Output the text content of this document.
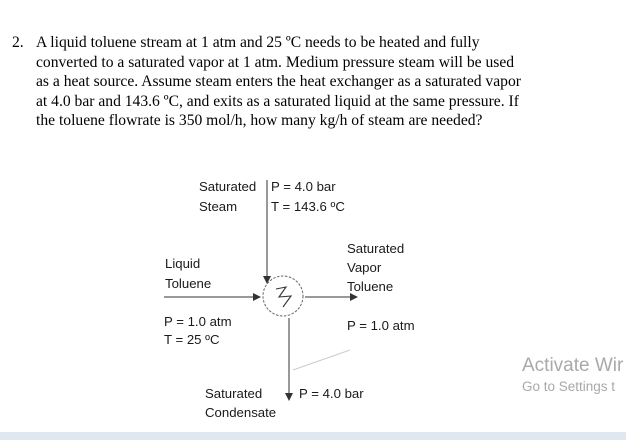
2. A liquid toluene stream at 1 atm and 25 ºC needs to be heated and fully
converted to a saturated vapor at 1 atm. Medium pressure steam will be used
as a heat source. Assume steam enters the heat exchanger as a saturated vapor
at 4.0 bar and 143.6 ºC, and exits as a saturated liquid at the same pressure. If
the toluene flowrate is 350 mol/h, how many kg/h of steam are needed?
Saturated
Steam
P = 4.0 bar
T = 143.6 ºC
Liquid
Toluene
P = 1.0 atm
T = 25 ºC
Saturated
Vapor
Toluene
P = 1.0 atm
Saturated
Condensate
P = 4.0 bar
Activate Wir
Go to Settings t
